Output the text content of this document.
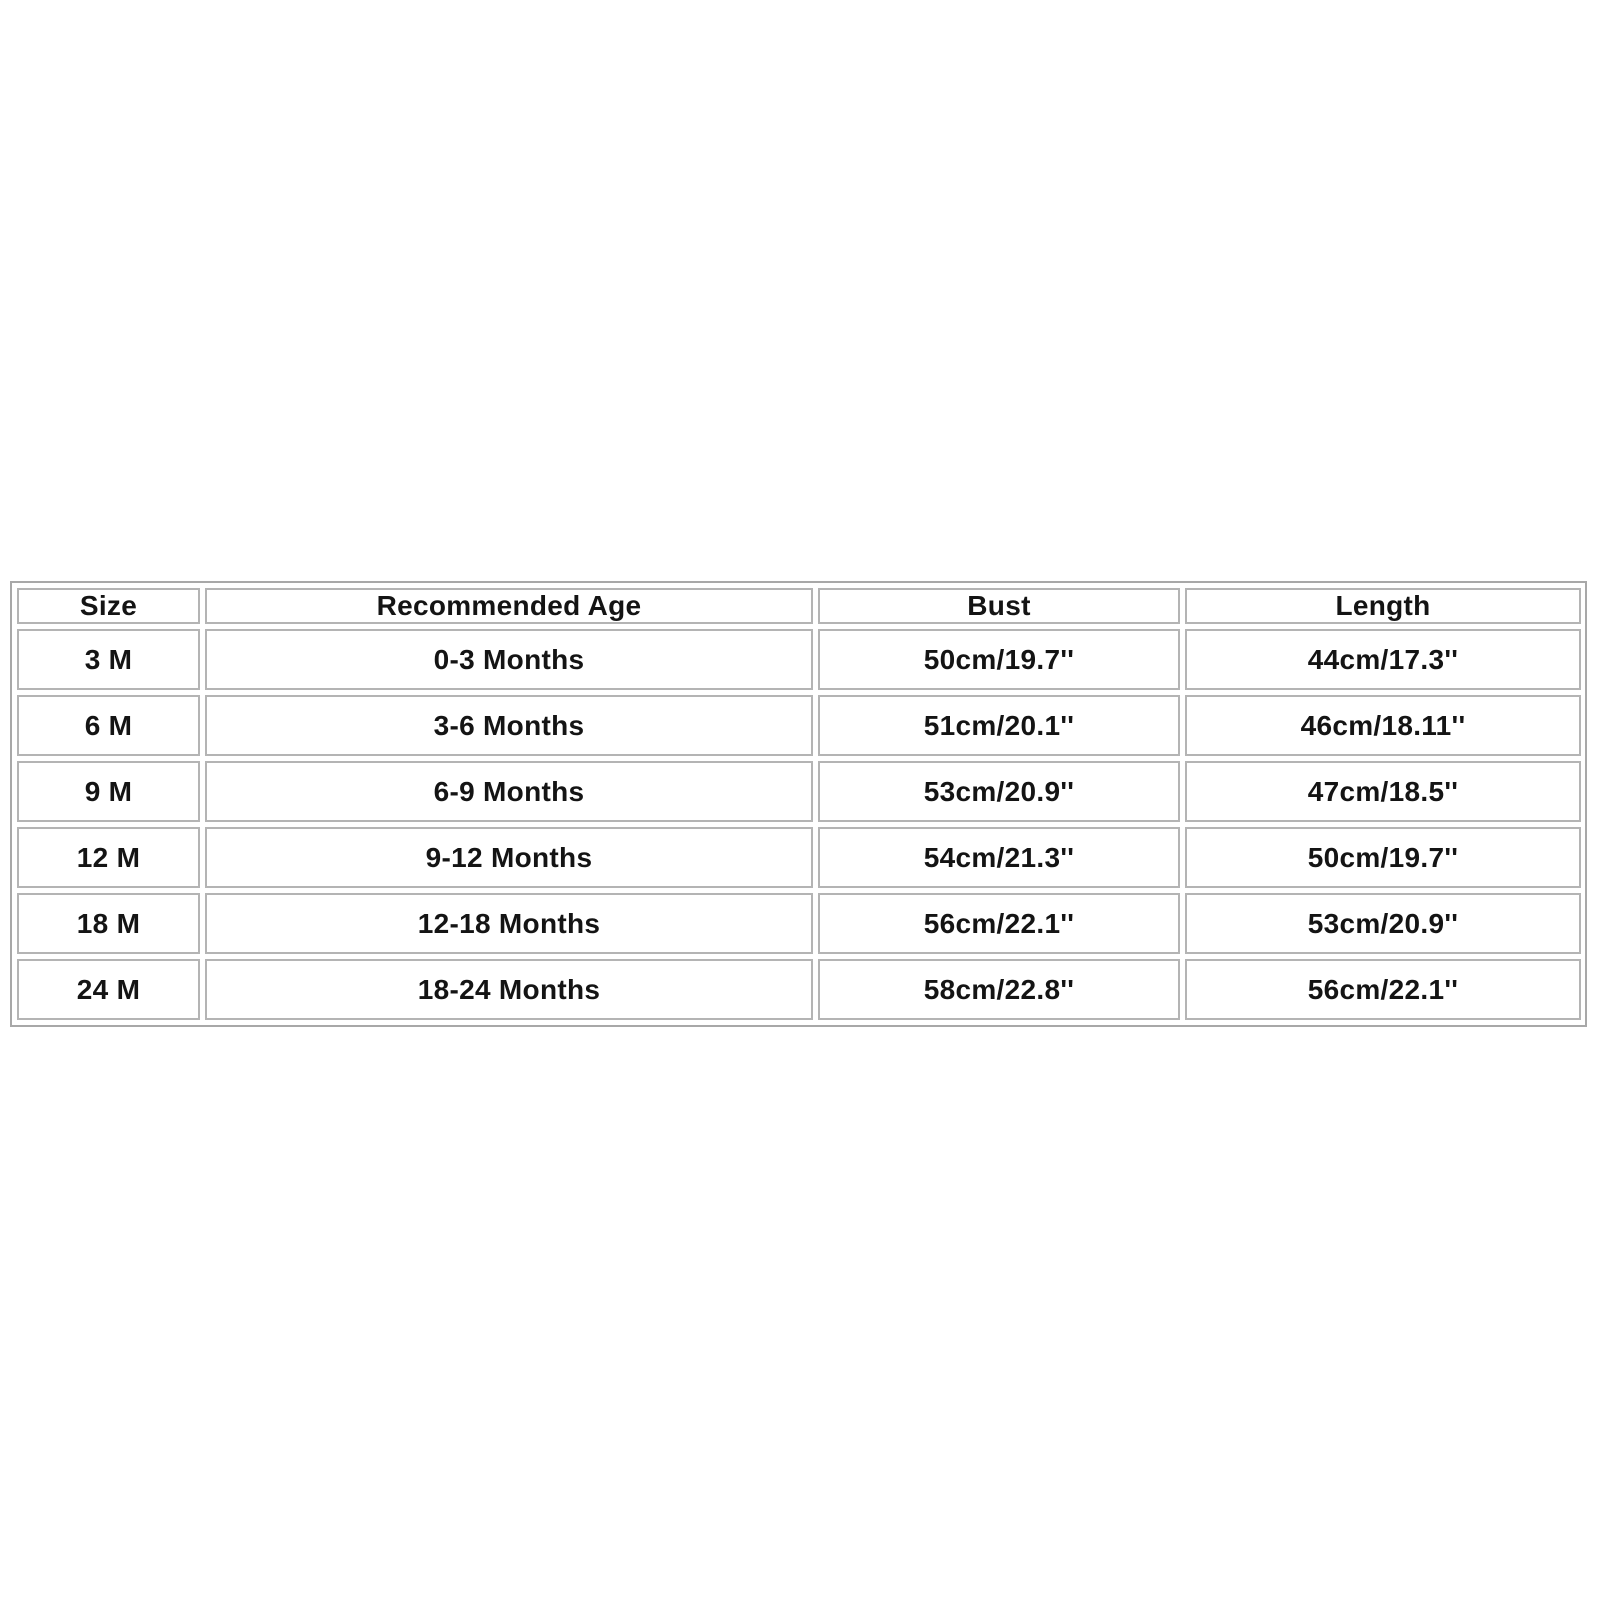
Size	Recommended Age	Bust	Length
3 M	0-3 Months	50cm/19.7''	44cm/17.3''
6 M	3-6 Months	51cm/20.1''	46cm/18.11''
9 M	6-9 Months	53cm/20.9''	47cm/18.5''
12 M	9-12 Months	54cm/21.3''	50cm/19.7''
18 M	12-18 Months	56cm/22.1''	53cm/20.9''
24 M	18-24 Months	58cm/22.8''	56cm/22.1''
